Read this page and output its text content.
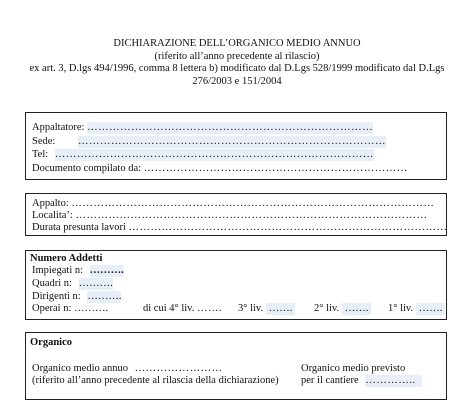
DICHIARAZIONE DELL’ORGANICO MEDIO ANNUO
(riferito all’anno precedente al rilascio)
ex art. 3, D.lgs 494/1996, comma 8 lettera b) modificato dal D.Lgs 528/1999 modificato dal D.Lgs
276/2003 e 151/2004
Appaltatore: ……………………………………………………………………
Sede: …………………………………………………………………………
Tel: ……………………………………………………………………………
Documento compilato da: ………………………………………………………………
Appalto: ………………………………………………………………………………………
Localita’: ……………………………………………………………………………………
Durata presunta lavori ……………………………………………………………………………
Numero Addetti
Impiegati n: ……….
Quadri n: ……….
Dirigenti n: ……….
Operai n: ……….	di cui 4° liv. ……. 3° liv. ……. 2° liv. ……. 1° liv. …….
Organico
Organico medio annuo ……………………
(riferito all’anno precedente al rilascia della dichiarazione)
Organico medio previsto
per il cantiere …………..
